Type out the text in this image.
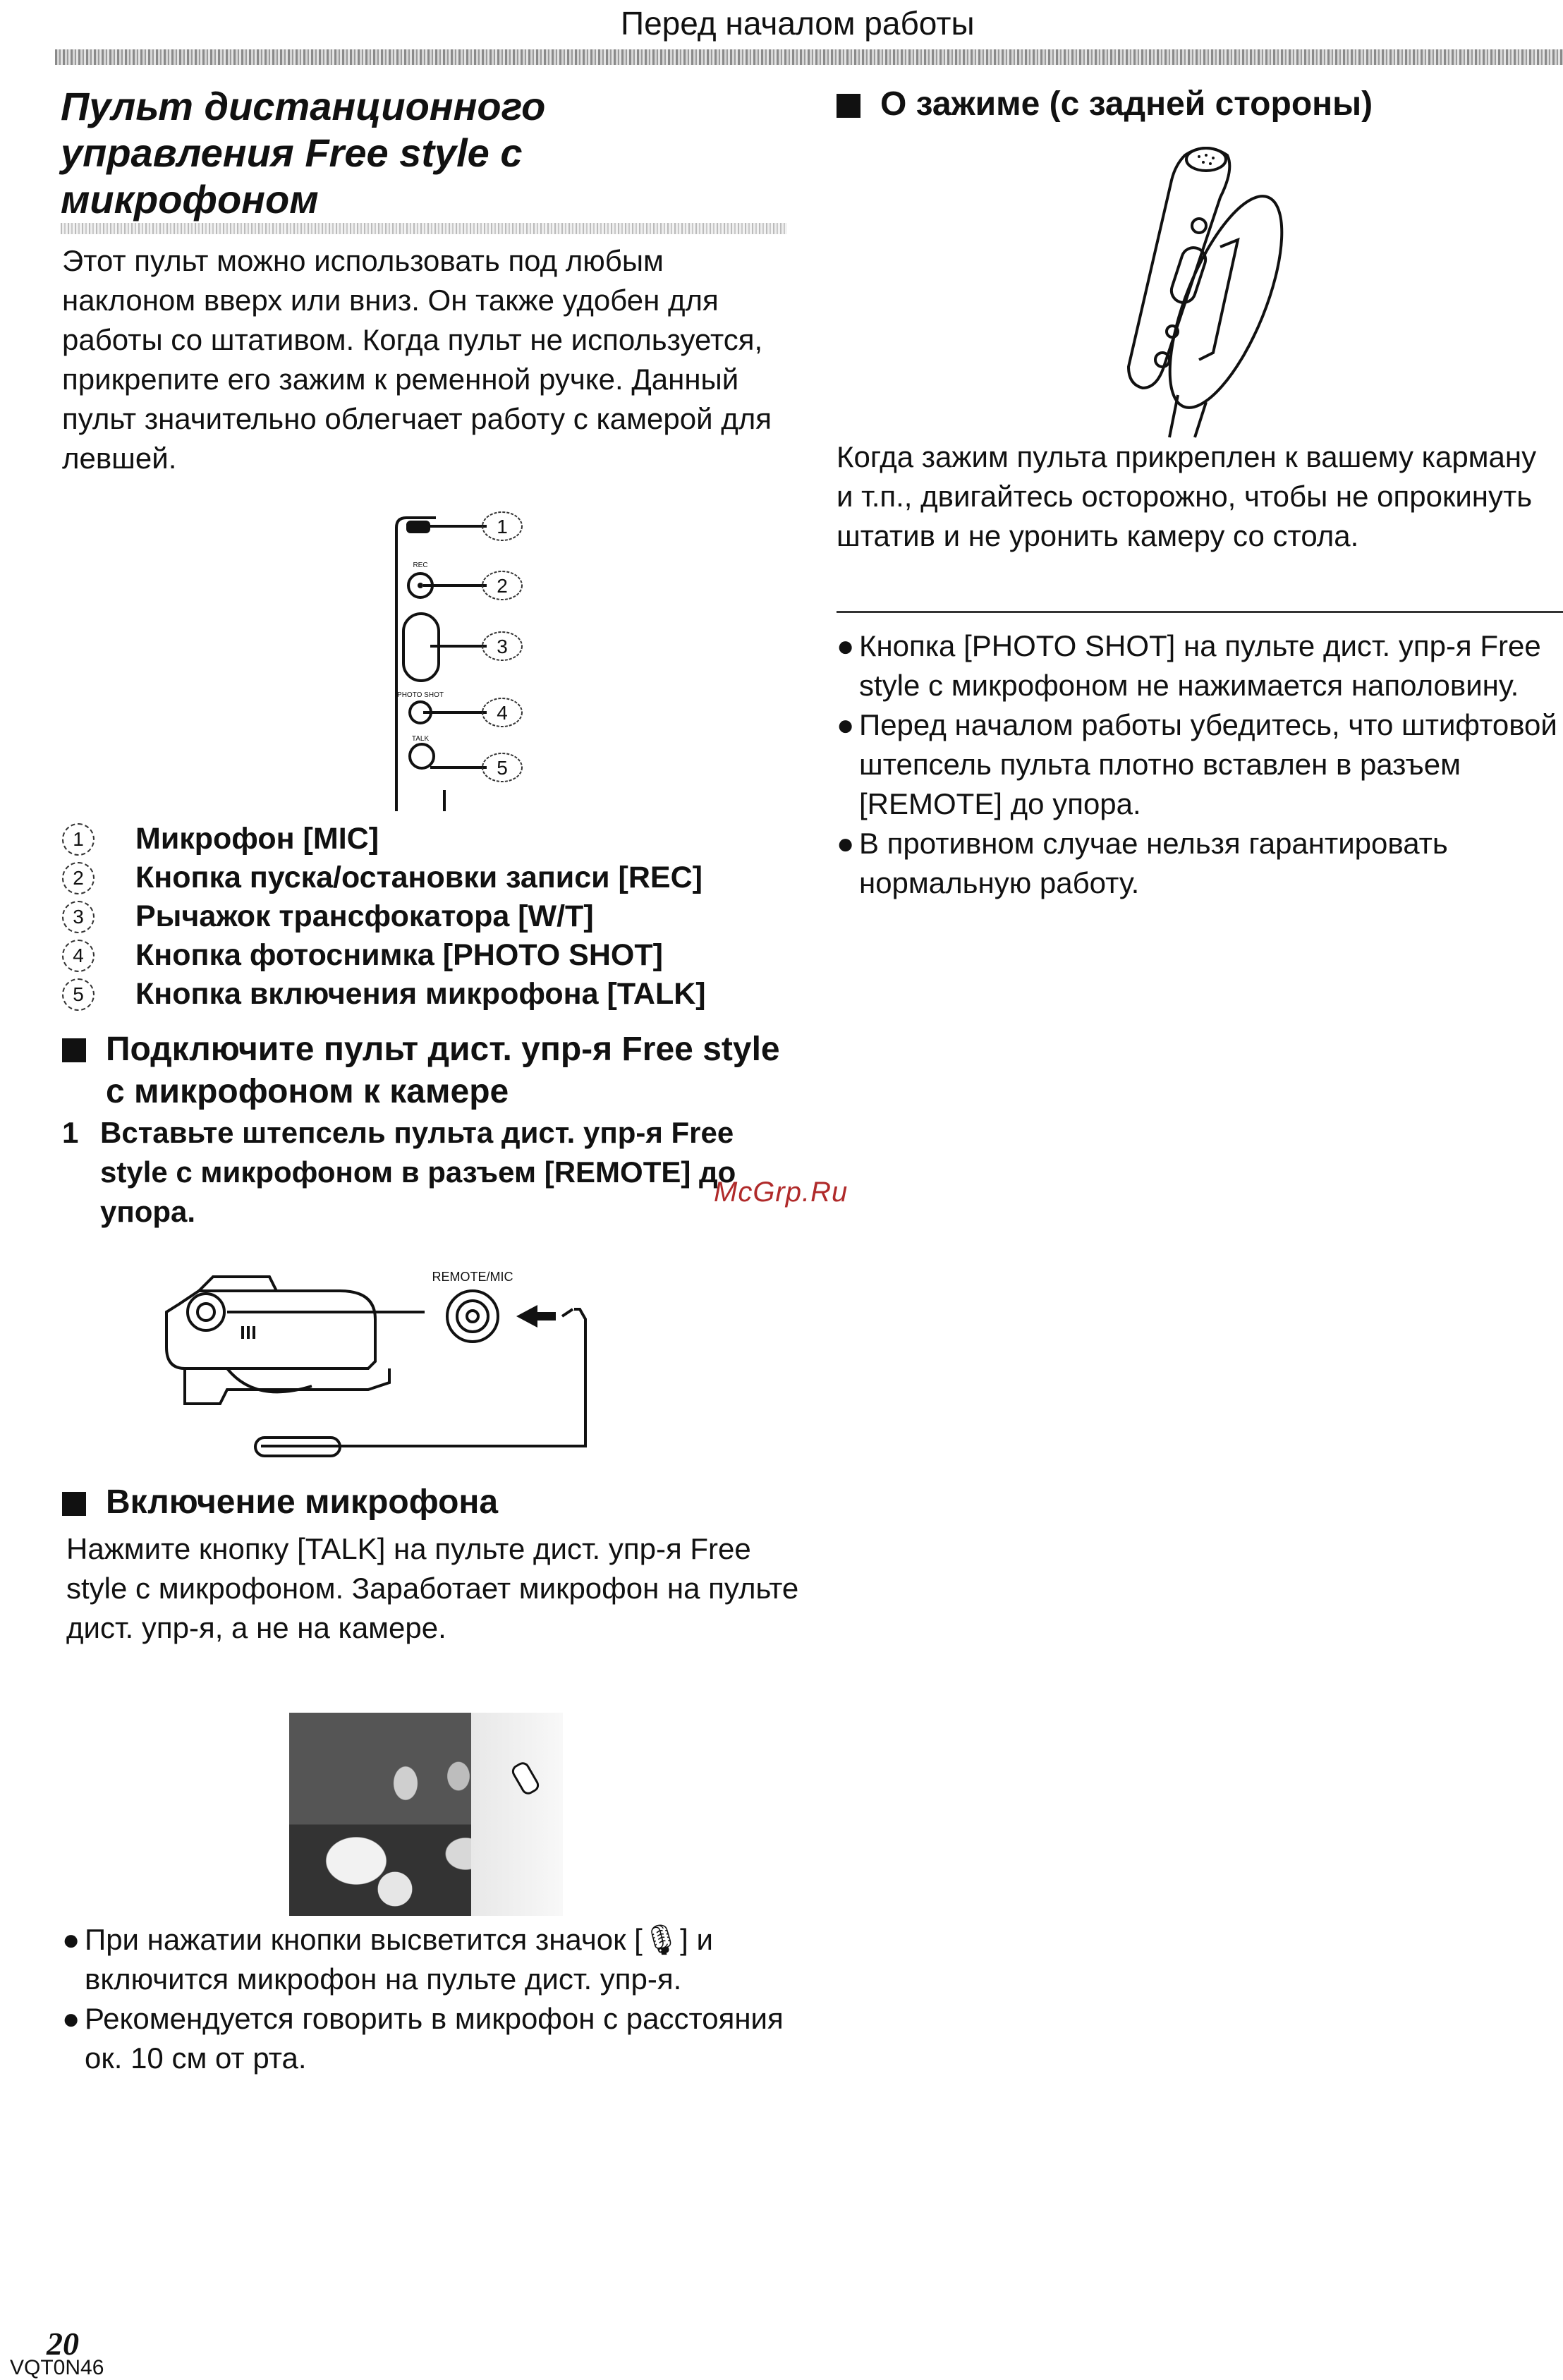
Перед началом работы
Пульт дистанционного управления Free style с микрофоном
Этот пульт можно использовать под любым наклоном вверх или вниз. Он также удобен для работы со штативом. Когда пульт не используется, прикрепите его зажим к ременной ручке. Данный пульт значительно облегчает работу с камерой для левшей.
1
2
3
4
5
REC
PHOTO SHOT
TALK
1	Микрофон [MIC]
2	Кнопка пуска/остановки записи [REC]
3	Рычажок трансфокатора [W/T]
4	Кнопка фотоснимка [PHOTO SHOT]
5	Кнопка включения микрофона [TALK]
Подключите пульт дист. упр-я Free style с микрофоном к камере
1 Вставьте штепсель пульта дист. упр-я Free style с микрофоном в разъем [REMOTE] до упора.
McGrp.Ru
REMOTE/MIC
Включение микрофона
Нажмите кнопку [TALK] на пульте дист. упр-я Free style с микрофоном. Заработает микрофон на пульте дист. упр-я, а не на камере.
● При нажатии кнопки высветится значок [🎙] и включится микрофон на пульте дист. упр-я.
● Рекомендуется говорить в микрофон с расстояния ок. 10 см от рта.
О зажиме (с задней стороны)
Когда зажим пульта прикреплен к вашему карману и т.п., двигайтесь осторожно, чтобы не опрокинуть штатив и не уронить камеру со стола.
● Кнопка [PHOTO SHOT] на пульте дист. упр-я Free style с микрофоном не нажимается наполовину.
● Перед началом работы убедитесь, что штифтовой штепсель пульта плотно вставлен в разъем [REMOTE] до упора.
● В противном случае нельзя гарантировать нормальную работу.
20
VQT0N46
